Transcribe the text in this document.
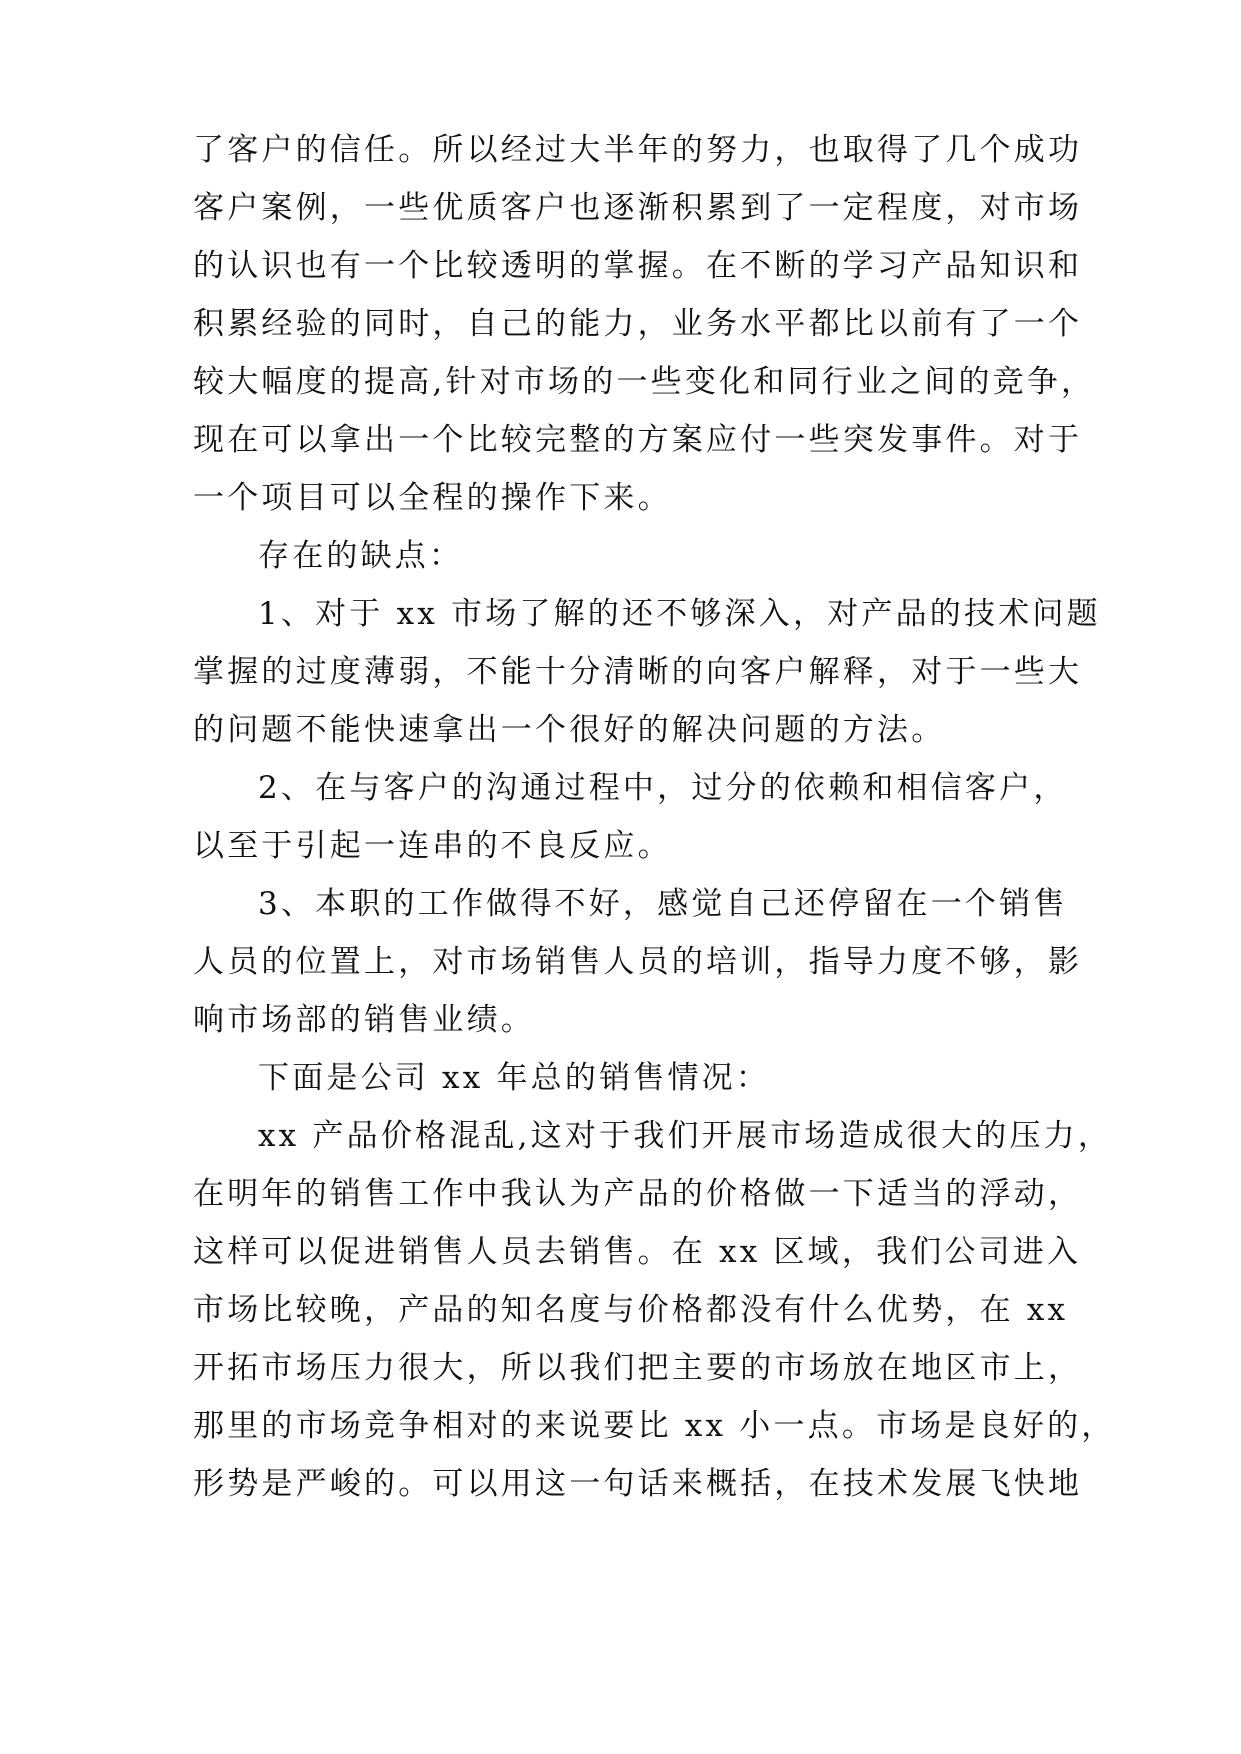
了客户的信任。所以经过大半年的努力，也取得了几个成功
客户案例，一些优质客户也逐渐积累到了一定程度，对市场
的认识也有一个比较透明的掌握。在不断的学习产品知识和
积累经验的同时，自己的能力，业务水平都比以前有了一个
较大幅度的提高,针对市场的一些变化和同行业之间的竞争，
现在可以拿出一个比较完整的方案应付一些突发事件。对于
一个项目可以全程的操作下来。
存在的缺点：
1、对于 xx 市场了解的还不够深入，对产品的技术问题
掌握的过度薄弱，不能十分清晰的向客户解释，对于一些大
的问题不能快速拿出一个很好的解决问题的方法。
2、在与客户的沟通过程中，过分的依赖和相信客户，
以至于引起一连串的不良反应。
3、本职的工作做得不好，感觉自己还停留在一个销售
人员的位置上，对市场销售人员的培训，指导力度不够，影
响市场部的销售业绩。
下面是公司 xx 年总的销售情况：
xx 产品价格混乱,这对于我们开展市场造成很大的压力，
在明年的销售工作中我认为产品的价格做一下适当的浮动，
这样可以促进销售人员去销售。在 xx 区域，我们公司进入
市场比较晚，产品的知名度与价格都没有什么优势，在 xx
开拓市场压力很大，所以我们把主要的市场放在地区市上，
那里的市场竞争相对的来说要比 xx 小一点。市场是良好的，
形势是严峻的。可以用这一句话来概括，在技术发展飞快地
